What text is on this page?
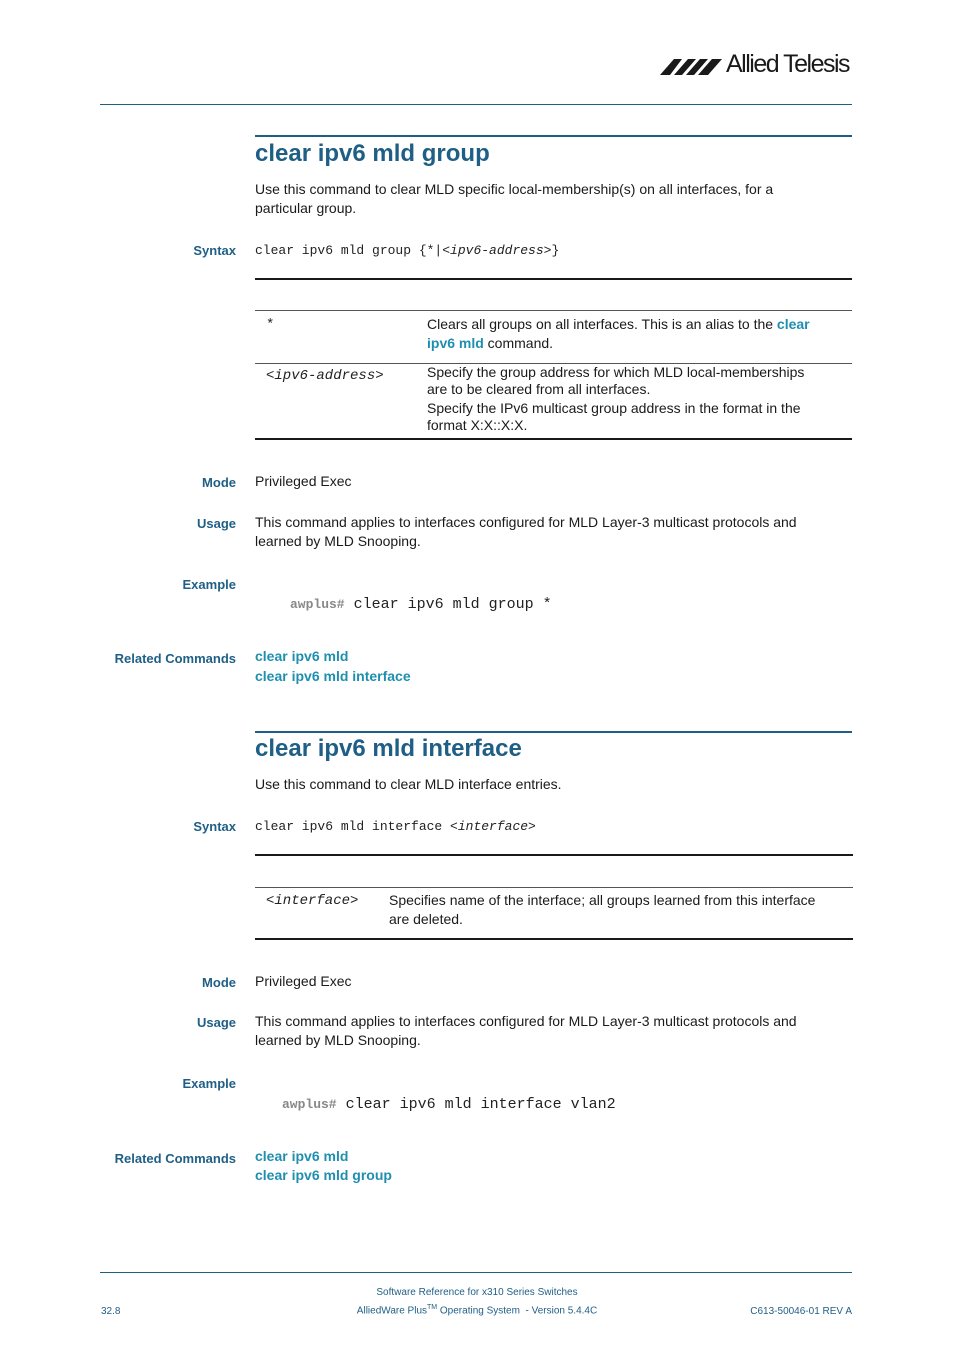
Allied Telesis
clear ipv6 mld group
Use this command to clear MLD specific local-membership(s) on all interfaces, for a
particular group.
Syntax clear ipv6 mld group {*|<ipv6-address>}
*	Clears all groups on all interfaces. This is an alias to the clear
ipv6 mld command.
<ipv6-address>	Specify the group address for which MLD local-memberships
are to be cleared from all interfaces.
Specify the IPv6 multicast group address in the format in the
format X:X::X:X.
Mode Privileged Exec
Usage This command applies to interfaces configured for MLD Layer-3 multicast protocols and
learned by MLD Snooping.
Example
awplus# clear ipv6 mld group *
Related Commands clear ipv6 mld
clear ipv6 mld interface
clear ipv6 mld interface
Use this command to clear MLD interface entries.
Syntax clear ipv6 mld interface <interface>
<interface> Specifies name of the interface; all groups learned from this interface
are deleted.
Mode Privileged Exec
Usage This command applies to interfaces configured for MLD Layer-3 multicast protocols and
learned by MLD Snooping.
Example
awplus# clear ipv6 mld interface vlan2
Related Commands clear ipv6 mld
clear ipv6 mld group
Software Reference for x310 Series Switches
AlliedWare Plus™ Operating System  - Version 5.4.4C
32.8	C613-50046-01 REV A
